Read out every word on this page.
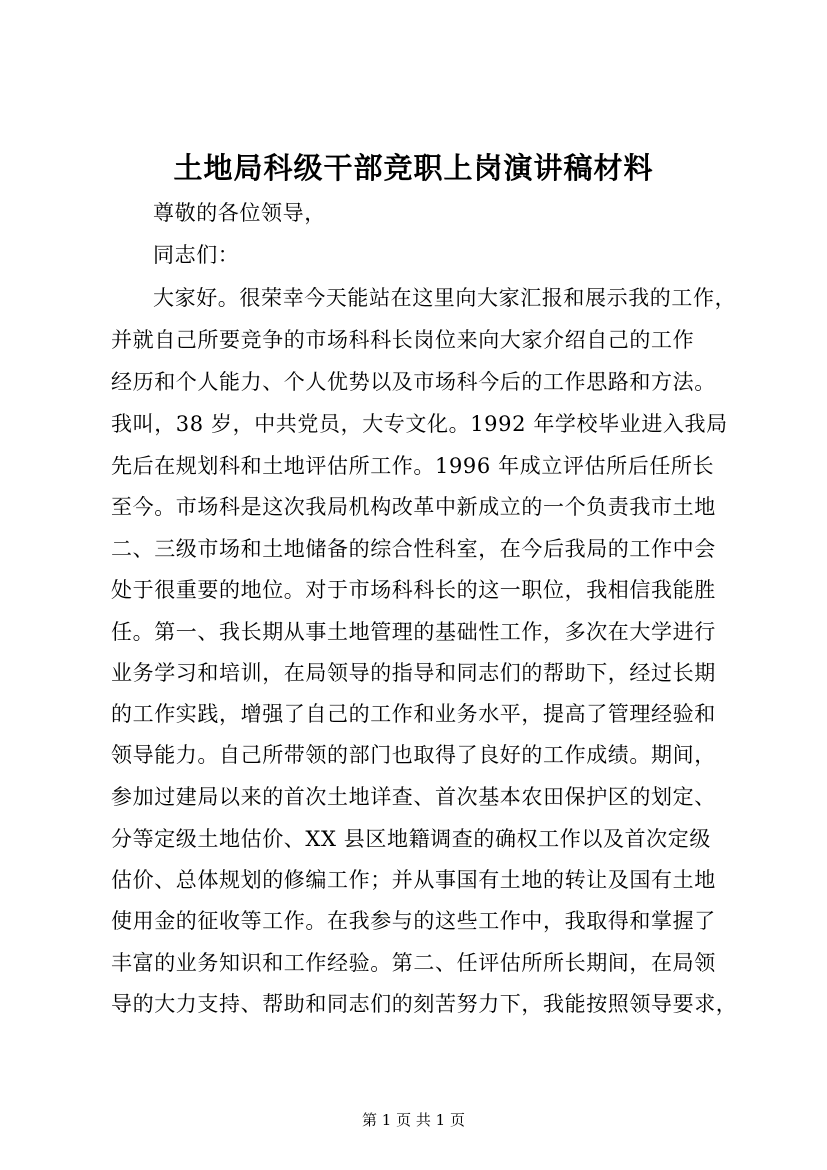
土地局科级干部竞职上岗演讲稿材料
尊敬的各位领导，
同志们：
大家好。很荣幸今天能站在这里向大家汇报和展示我的工作，
并就自己所要竞争的市场科科长岗位来向大家介绍自己的工作
经历和个人能力、个人优势以及市场科今后的工作思路和方法。
我叫，38 岁，中共党员，大专文化。1992 年学校毕业进入我局
先后在规划科和土地评估所工作。1996 年成立评估所后任所长
至今。市场科是这次我局机构改革中新成立的一个负责我市土地
二、三级市场和土地储备的综合性科室，在今后我局的工作中会
处于很重要的地位。对于市场科科长的这一职位，我相信我能胜
任。第一、我长期从事土地管理的基础性工作，多次在大学进行
业务学习和培训，在局领导的指导和同志们的帮助下，经过长期
的工作实践，增强了自己的工作和业务水平，提高了管理经验和
领导能力。自己所带领的部门也取得了良好的工作成绩。期间，
参加过建局以来的首次土地详查、首次基本农田保护区的划定、
分等定级土地估价、XX 县区地籍调查的确权工作以及首次定级
估价、总体规划的修编工作；并从事国有土地的转让及国有土地
使用金的征收等工作。在我参与的这些工作中，我取得和掌握了
丰富的业务知识和工作经验。第二、任评估所所长期间，在局领
导的大力支持、帮助和同志们的刻苦努力下，我能按照领导要求，
第 1 页 共 1 页
